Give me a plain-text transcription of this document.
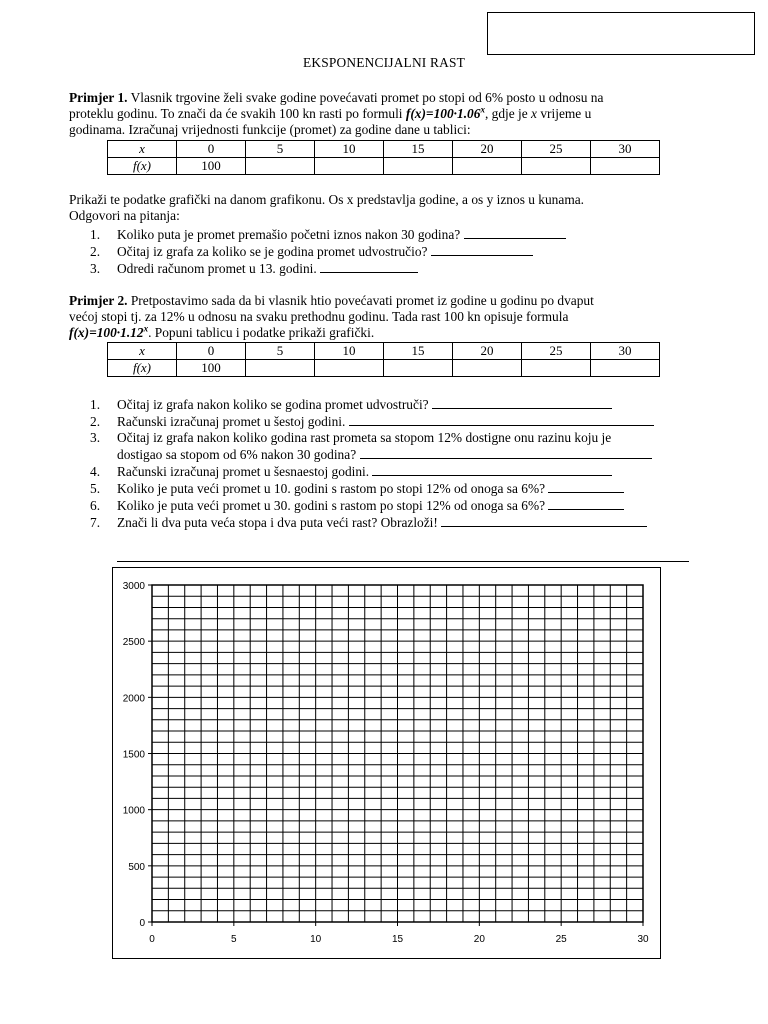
EKSPONENCIJALNI RAST
Primjer 1. Vlasnik trgovine želi svake godine povećavati promet po stopi od 6% posto u odnosu na
proteklu godinu. To znači da će svakih 100 kn rasti po formuli $f(x)=100\cdot 1.06^x$, gdje je x vrijeme u
godinama. Izračunaj vrijednosti funkcije (promet) za godine dane u tablici:
x	0	5	10	15	20	25	30
f(x)	100						
Prikaži te podatke grafički na danom grafikonu. Os x predstavlja godine, a os y iznos u kunama.
Odgovori na pitanja:
1. Koliko puta je promet premašio početni iznos nakon 30 godina?
2. Očitaj iz grafa za koliko se je godina promet udvostručio?
3. Odredi računom promet u 13. godini.
Primjer 2. Pretpostavimo sada da bi vlasnik htio povećavati promet iz godine u godinu po dvaput
većoj stopi tj. za 12% u odnosu na svaku prethodnu godinu. Tada rast 100 kn opisuje formula
$f(x)=100\cdot 1.12^x$. Popuni tablicu i podatke prikaži grafički.
x	0	5	10	15	20	25	30
f(x)	100						
1. Očitaj iz grafa nakon koliko se godina promet udvostruči?
2. Računski izračunaj promet u šestoj godini.
3. Očitaj iz grafa nakon koliko godina rast prometa sa stopom 12% dostigne onu razinu koju je
dostigao sa stopom od 6% nakon 30 godina?
4. Računski izračunaj promet u šesnaestoj godini.
5. Koliko je puta veći promet u 10. godini s rastom po stopi 12% od onoga sa 6%?
6. Koliko je puta veći promet u 30. godini s rastom po stopi 12% od onoga sa 6%?
7. Znači li dva puta veća stopa i dva puta veći rast? Obrazloži!
0	5	10	15	20	25	30
0
500
1000
1500
2000
2500
3000
